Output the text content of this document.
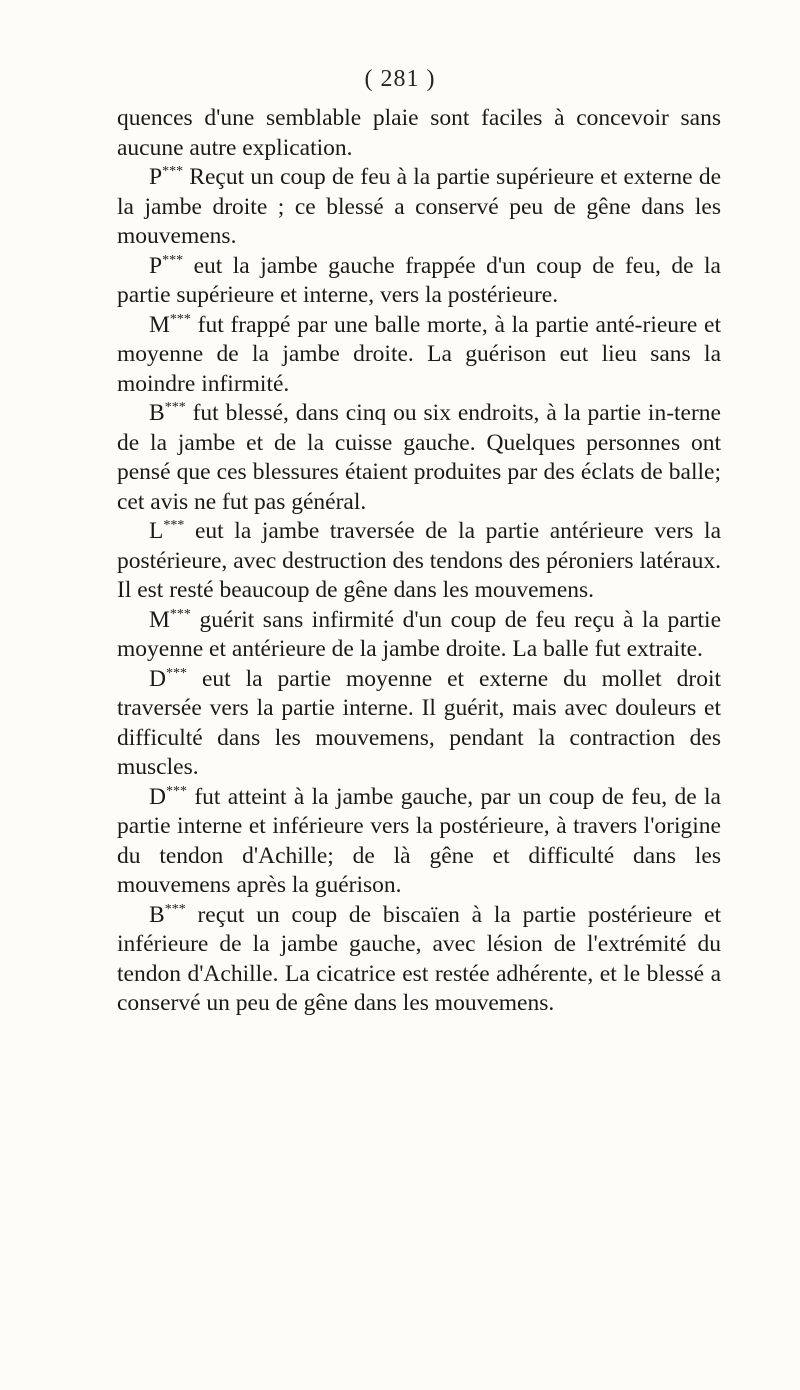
( 281 )

quences d'une semblable plaie sont faciles à concevoir sans aucune autre explication.

P*** Reçut un coup de feu à la partie supérieure et externe de la jambe droite ; ce blessé a conservé peu de gêne dans les mouvemens.

P*** eut la jambe gauche frappée d'un coup de feu, de la partie supérieure et interne, vers la postérieure.

M*** fut frappé par une balle morte, à la partie anté-rieure et moyenne de la jambe droite. La guérison eut lieu sans la moindre infirmité.

B*** fut blessé, dans cinq ou six endroits, à la partie in-terne de la jambe et de la cuisse gauche. Quelques personnes ont pensé que ces blessures étaient produites par des éclats de balle; cet avis ne fut pas général.

L*** eut la jambe traversée de la partie antérieure vers la postérieure, avec destruction des tendons des péroniers latéraux. Il est resté beaucoup de gêne dans les mouvemens.

M*** guérit sans infirmité d'un coup de feu reçu à la partie moyenne et antérieure de la jambe droite. La balle fut extraite.

D*** eut la partie moyenne et externe du mollet droit traversée vers la partie interne. Il guérit, mais avec douleurs et difficulté dans les mouvemens, pendant la contraction des muscles.

D*** fut atteint à la jambe gauche, par un coup de feu, de la partie interne et inférieure vers la postérieure, à travers l'origine du tendon d'Achille; de là gêne et difficulté dans les mouvemens après la guérison.

B*** reçut un coup de biscaïen à la partie postérieure et inférieure de la jambe gauche, avec lésion de l'extrémité du tendon d'Achille. La cicatrice est restée adhérente, et le blessé a conservé un peu de gêne dans les mouvemens.
